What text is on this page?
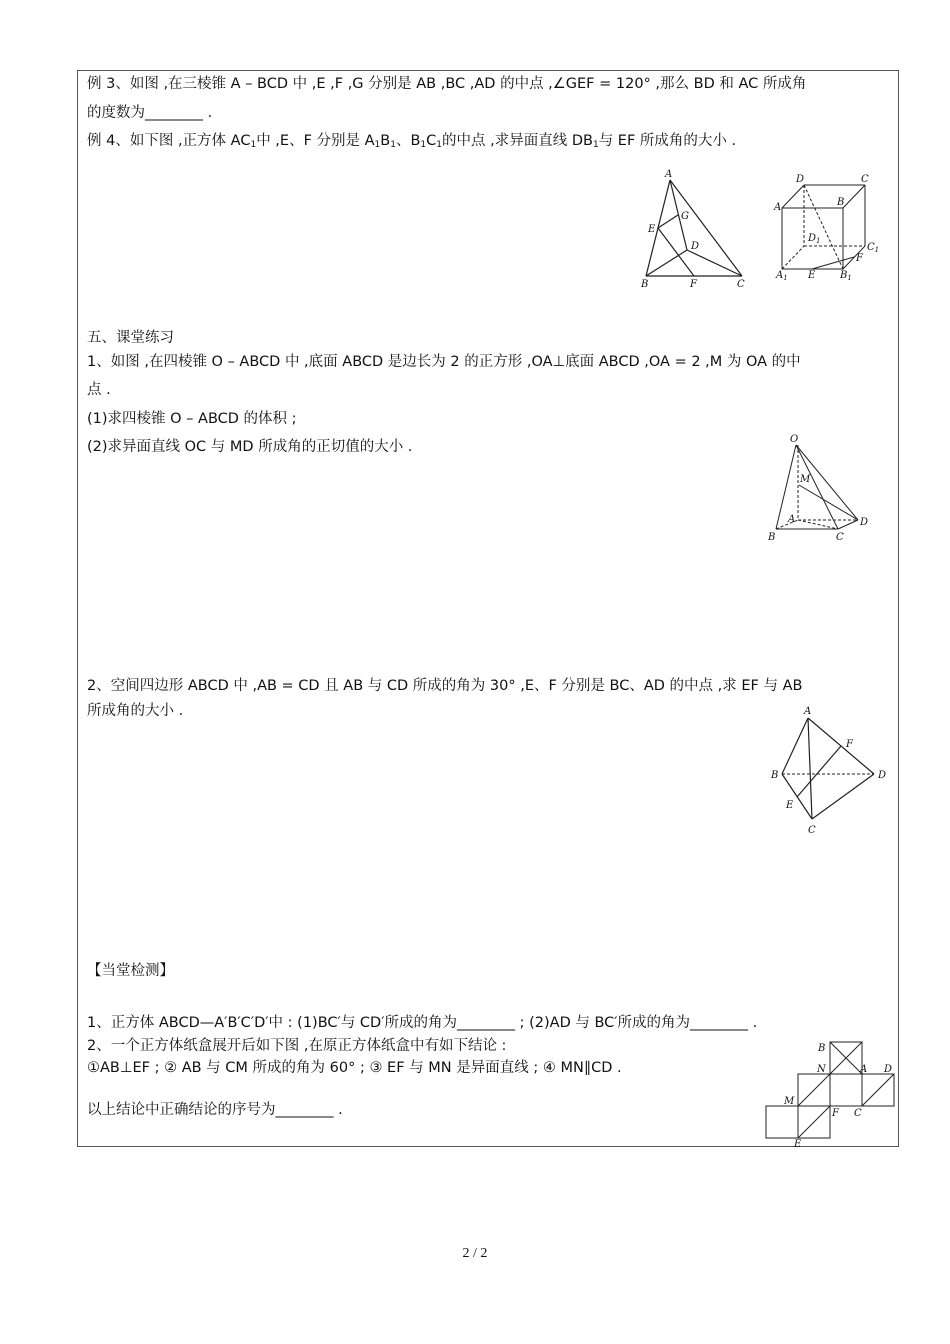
例 3、如图 ,在三棱锥 A – BCD 中 ,E ,F ,G 分别是 AB ,BC ,AD 的中点 ,∠GEF = 120° ,那么 BD 和 AC 所成角
的度数为________ .
例 4、如下图 ,正方体 $AC_1$中 ,E、F 分别是 $A_1B_1$、$B_1C_1$的中点 ,求异面直线 $DB_1$与 EF 所成角的大小 .
A
G
E
D
B	F	C
D	C
A	B
$D_1$
$C_1$
F
$A_1$ E $B_1$
五、课堂练习
1、如图 ,在四棱锥 O – ABCD 中 ,底面 ABCD 是边长为 2 的正方形 ,OA⊥底面 ABCD ,OA = 2 ,M 为 OA 的中
点 .
(1)求四棱锥 O – ABCD 的体积 ;
(2)求异面直线 OC 与 MD 所成角的正切值的大小 .	O
M
A	D
B	C
2、空间四边形 ABCD 中 ,AB = CD 且 AB 与 CD 所成的角为 30° ,E、F 分别是 BC、AD 的中点 ,求 EF 与 AB
所成角的大小 .	A
F
B	D
E
C
【当堂检测】
1、正方体 ABCD—A′B′C′D′中 : (1)BC′与 CD′所成的角为________ ; (2)AD 与 BC′所成的角为________ .
2、一个正方体纸盒展开后如下图 ,在原正方体纸盒中有如下结论 :
①AB⊥EF ; ② AB 与 CM 所成的角为 60° ; ③ EF 与 MN 是异面直线 ; ④ MN∥CD .
以上结论中正确结论的序号为________ .
B
N	A D
M
F C
E
2 / 2
